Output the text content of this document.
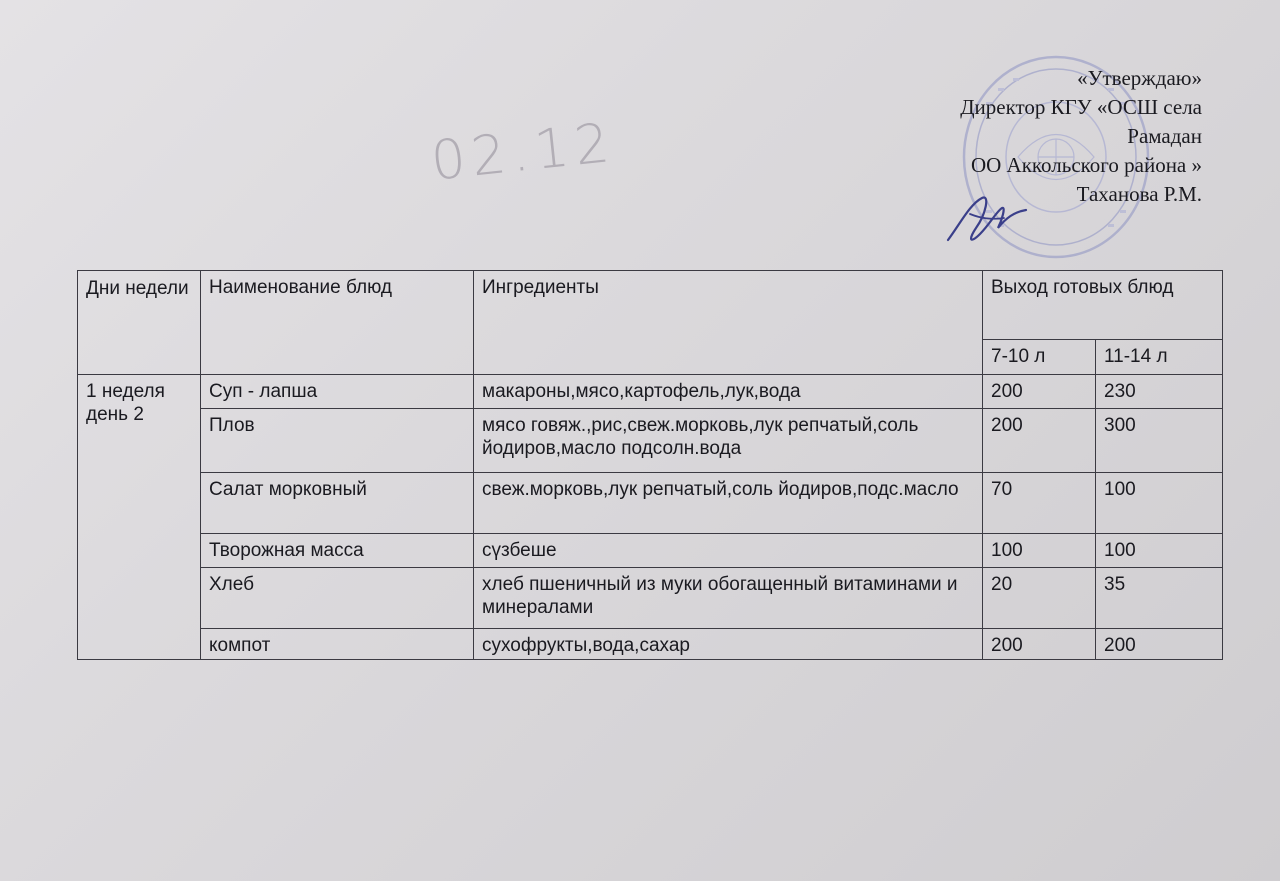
02.12
«Утверждаю»
Директор КГУ «ОСШ села
Рамадан
ОО Аккольского района »
Таханова Р.М.
Дни недели	Наименование блюд	Ингредиенты	Выход готовых блюд	
			7-10 л	11-14 л
1 неделя день 2	Суп - лапша	макароны,мясо,картофель,лук,вода	200	230
	Плов	мясо говяж.,рис,свеж.морковь,лук репчатый,соль йодиров,масло подсолн.вода	200	300
	Салат морковный	свеж.морковь,лук репчатый,соль йодиров,подс.масло	70	100
	Творожная масса	сүзбеше	100	100
	Хлеб	хлеб пшеничный из муки обогащенный витаминами и минералами	20	35
	компот	сухофрукты,вода,сахар	200	200
